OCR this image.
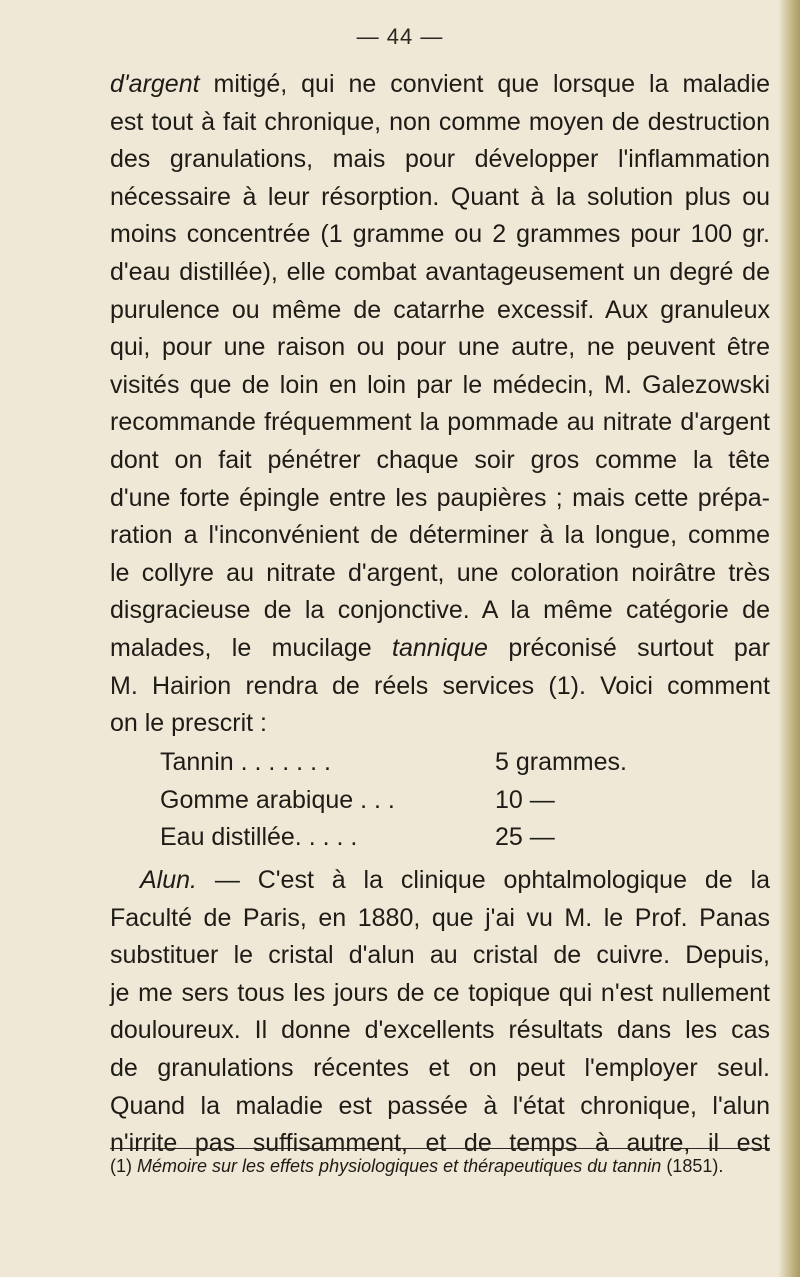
— 44 —
d'argent mitigé, qui ne convient que lorsque la maladie
est tout à fait chronique, non comme moyen de destruction
des granulations, mais pour développer l'inflammation
nécessaire à leur résorption. Quant à la solution plus ou
moins concentrée (1 gramme ou 2 grammes pour 100 gr.
d'eau distillée), elle combat avantageusement un degré de
purulence ou même de catarrhe excessif. Aux granuleux
qui, pour une raison ou pour une autre, ne peuvent être
visités que de loin en loin par le médecin, M. Galezowski
recommande fréquemment la pommade au nitrate d'argent
dont on fait pénétrer chaque soir gros comme la tête
d'une forte épingle entre les paupières ; mais cette prépa-
ration a l'inconvénient de déterminer à la longue, comme
le collyre au nitrate d'argent, une coloration noirâtre très
disgracieuse de la conjonctive. A la même catégorie de
malades, le mucilage tannique préconisé surtout par
M. Hairion rendra de réels services (1). Voici comment
on le prescrit :
Tannin . . . . . . .	5 grammes.
Gomme arabique . . .	10 —
Eau distillée. . . . .	25 —
Alun. — C'est à la clinique ophtalmologique de la
Faculté de Paris, en 1880, que j'ai vu M. le Prof. Panas
substituer le cristal d'alun au cristal de cuivre. Depuis,
je me sers tous les jours de ce topique qui n'est nullement
douloureux. Il donne d'excellents résultats dans les cas
de granulations récentes et on peut l'employer seul.
Quand la maladie est passée à l'état chronique, l'alun
n'irrite pas suffisamment, et de temps à autre, il est
(1) Mémoire sur les effets physiologiques et thérapeutiques du tannin (1851).
